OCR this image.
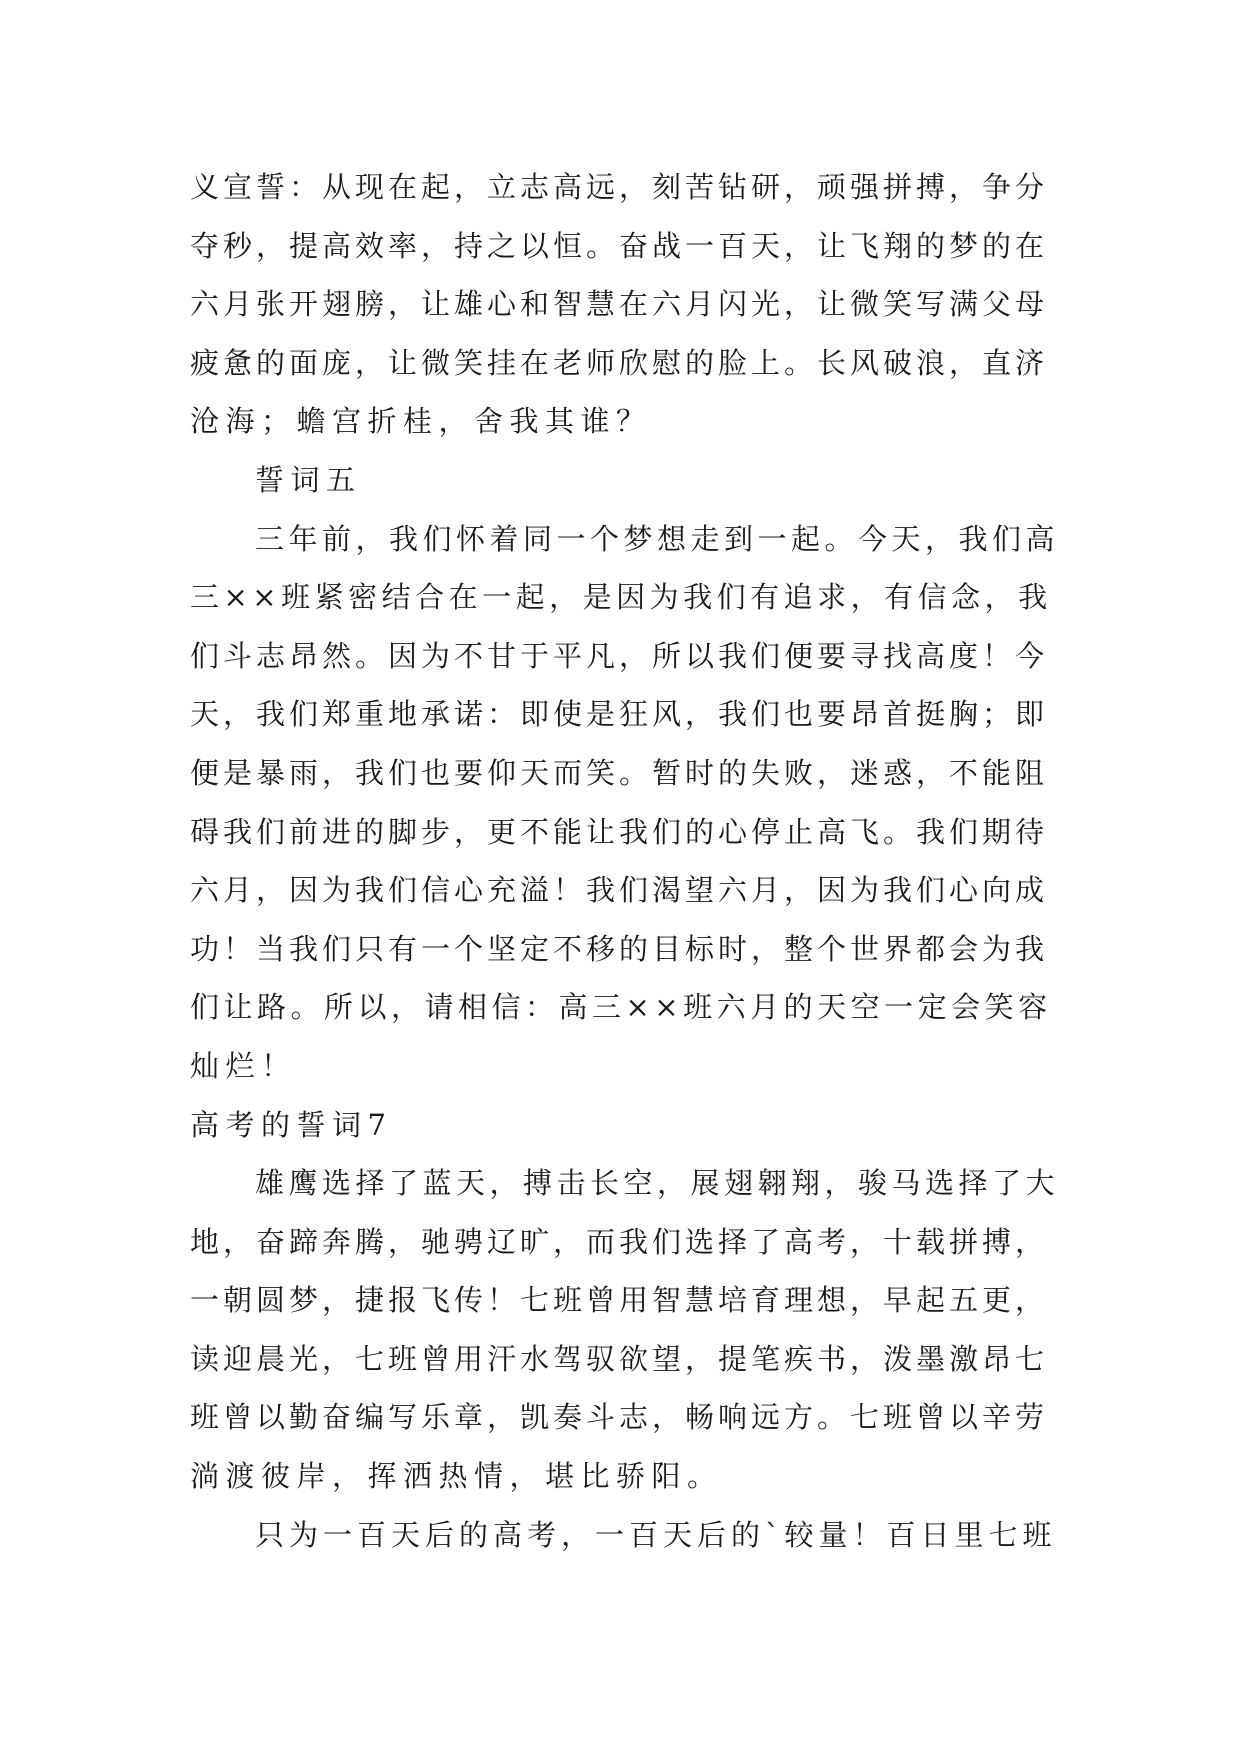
义宣誓：从现在起，立志高远，刻苦钻研，顽强拼搏，争分
夺秒，提高效率，持之以恒。奋战一百天，让飞翔的梦的在
六月张开翅膀，让雄心和智慧在六月闪光，让微笑写满父母
疲惫的面庞，让微笑挂在老师欣慰的脸上。长风破浪，直济
沧海；蟾宫折桂，舍我其谁？
誓词五
三年前，我们怀着同一个梦想走到一起。今天，我们高
三××班紧密结合在一起，是因为我们有追求，有信念，我
们斗志昂然。因为不甘于平凡，所以我们便要寻找高度！今
天，我们郑重地承诺：即使是狂风，我们也要昂首挺胸；即
便是暴雨，我们也要仰天而笑。暂时的失败，迷惑，不能阻
碍我们前进的脚步，更不能让我们的心停止高飞。我们期待
六月，因为我们信心充溢！我们渴望六月，因为我们心向成
功！当我们只有一个坚定不移的目标时，整个世界都会为我
们让路。所以，请相信：高三××班六月的天空一定会笑容
灿烂！
高考的誓词7
雄鹰选择了蓝天，搏击长空，展翅翱翔，骏马选择了大
地，奋蹄奔腾，驰骋辽旷，而我们选择了高考，十载拼搏，
一朝圆梦，捷报飞传！七班曾用智慧培育理想，早起五更，
读迎晨光，七班曾用汗水驾驭欲望，提笔疾书，泼墨激昂七
班曾以勤奋编写乐章，凯奏斗志，畅响远方。七班曾以辛劳
淌渡彼岸，挥洒热情，堪比骄阳。
只为一百天后的高考，一百天后的`较量！百日里七班
